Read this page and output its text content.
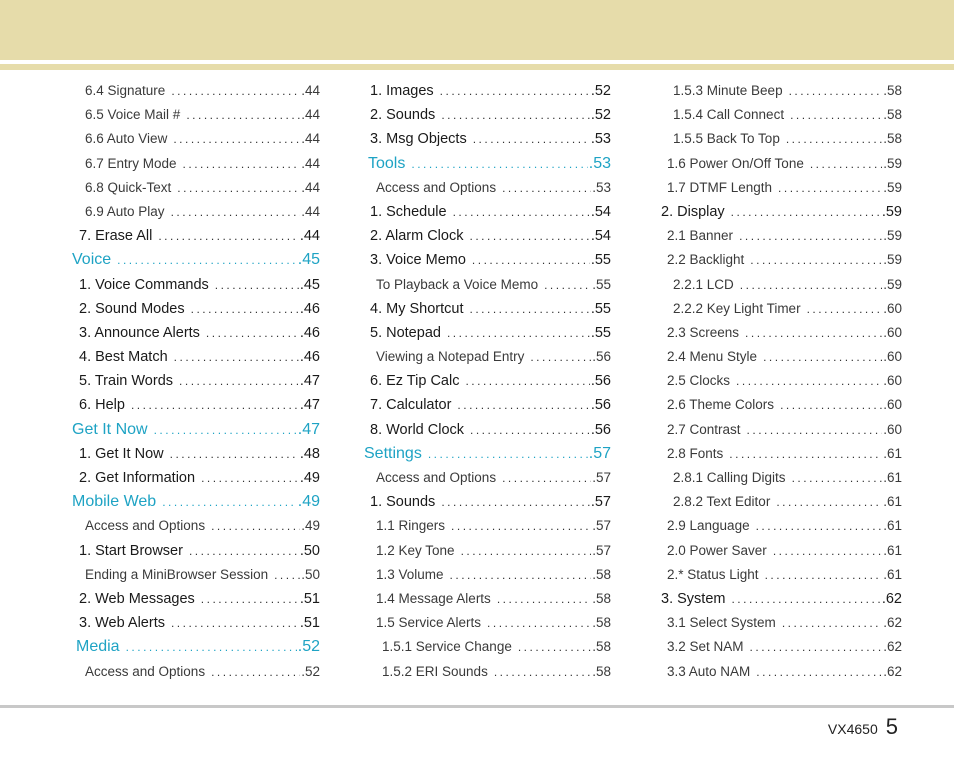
6.4 Signature .....	.44
6.5 Voice Mail # .....	.44
6.6 Auto View .....	.44
6.7 Entry Mode .....	.44
6.8 Quick-Text .....	.44
6.9 Auto Play .....	.44
7. Erase All .....	.44
Voice .....	.45
1. Voice Commands .....	.45
2. Sound Modes .....	.46
3. Announce Alerts .....	.46
4. Best Match .....	.46
5. Train Words .....	.47
6. Help .....	.47
Get It Now .....	.47
1. Get It Now .....	.48
2. Get Information .....	.49
Mobile Web .....	.49
Access and Options .....	.49
1. Start Browser .....	.50
Ending a MiniBrowser Session .....	.50
2. Web Messages .....	.51
3. Web Alerts .....	.51
Media .....	.52
Access and Options .....	.52
1. Images .....	.52
2. Sounds .....	.52
3. Msg Objects .....	.53
Tools .....	.53
Access and Options .....	.53
1. Schedule .....	.54
2. Alarm Clock .....	.54
3. Voice Memo .....	.55
To Playback a Voice Memo .....	.55
4. My Shortcut .....	.55
5. Notepad .....	.55
Viewing a Notepad Entry .....	.56
6. Ez Tip Calc .....	.56
7. Calculator .....	.56
8. World Clock .....	.56
Settings .....	.57
Access and Options .....	.57
1. Sounds .....	.57
1.1 Ringers .....	.57
1.2 Key Tone .....	.57
1.3 Volume .....	.58
1.4 Message Alerts .....	.58
1.5 Service Alerts .....	.58
1.5.1 Service Change .....	.58
1.5.2 ERI Sounds .....	.58
1.5.3 Minute Beep .....	.58
1.5.4 Call Connect .....	.58
1.5.5 Back To Top .....	.58
1.6 Power On/Off Tone .....	.59
1.7 DTMF Length .....	.59
2. Display .....	.59
2.1 Banner .....	.59
2.2 Backlight .....	.59
2.2.1 LCD .....	.59
2.2.2 Key Light Timer .....	.60
2.3 Screens .....	.60
2.4 Menu Style .....	.60
2.5 Clocks .....	.60
2.6 Theme Colors .....	.60
2.7 Contrast .....	.60
2.8 Fonts .....	.61
2.8.1 Calling Digits .....	.61
2.8.2 Text Editor .....	.61
2.9 Language .....	.61
2.0 Power Saver .....	.61
2.* Status Light .....	.61
3. System .....	.62
3.1 Select System .....	.62
3.2 Set NAM .....	.62
3.3 Auto NAM .....	.62
VX4650 5
